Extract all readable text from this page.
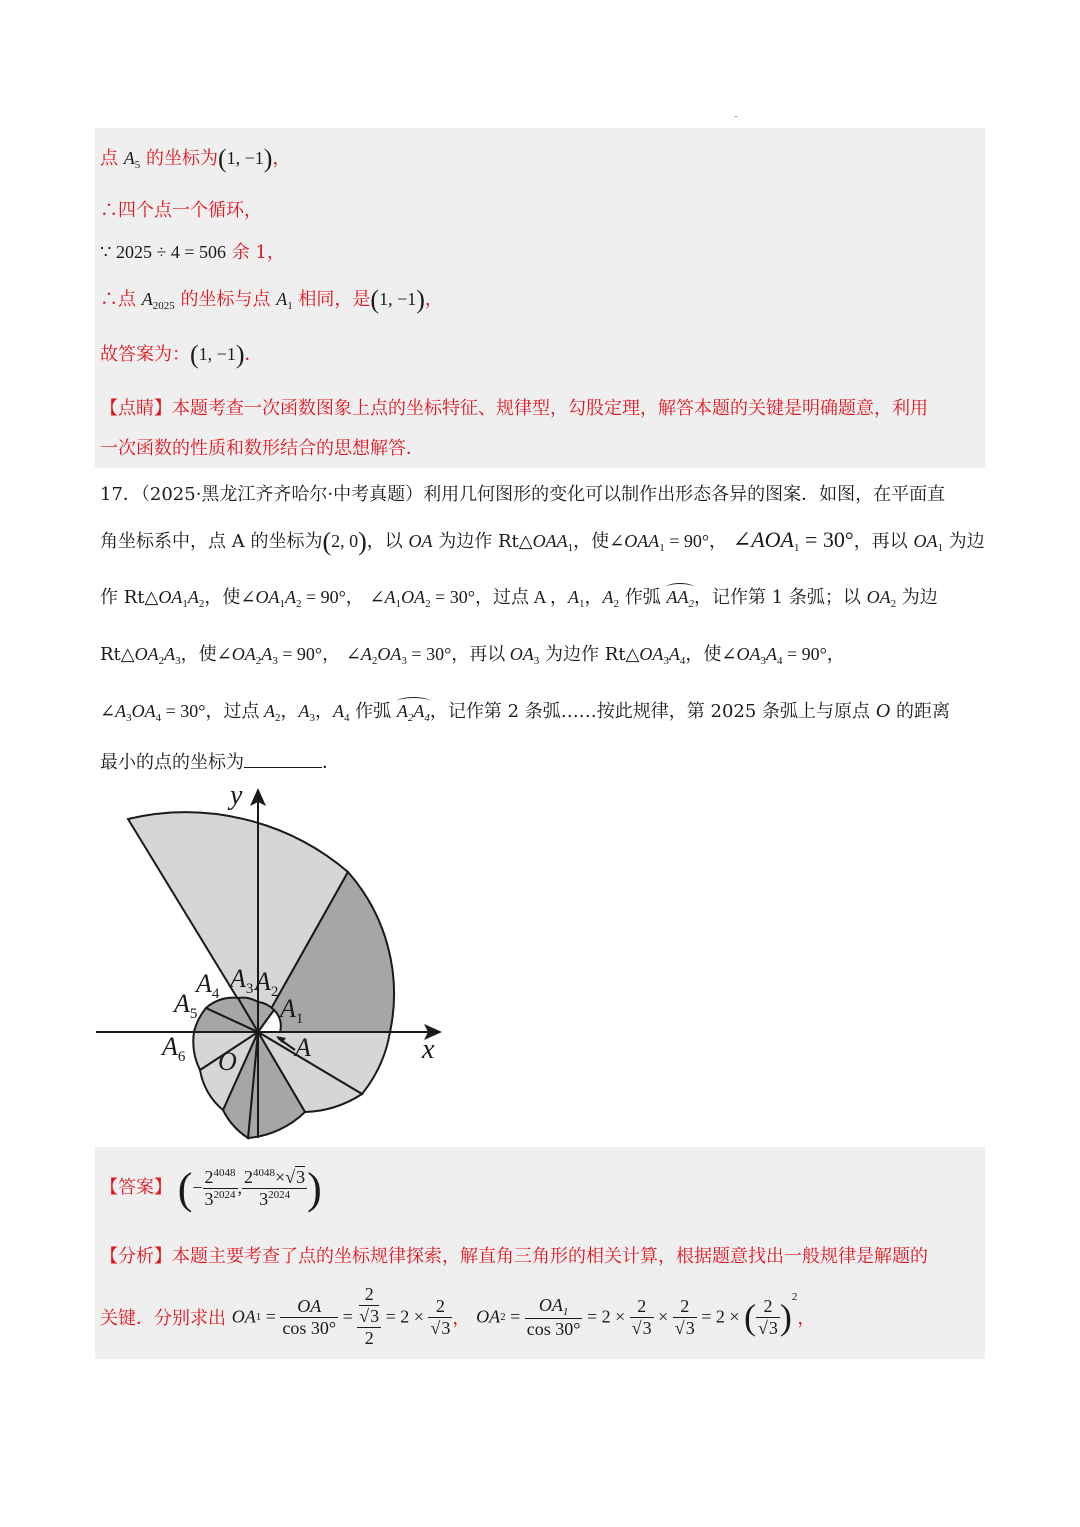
点 $A_5$ 的坐标为(1, −1)，
∴四个点一个循环，
∵ 2025 ÷ 4 = 506 余 1，
∴点 $A_{2025}$ 的坐标与点 $A_1$ 相同，是(1, −1)，
故答案为：(1, −1)．
【点睛】本题考查一次函数图象上点的坐标特征、规律型，勾股定理，解答本题的关键是明确题意，利用
一次函数的性质和数形结合的思想解答．
17．（2025·黑龙江齐齐哈尔·中考真题）利用几何图形的变化可以制作出形态各异的图案．如图，在平面直
角坐标系中，点 A 的坐标为(2, 0)，以 OA 为边作 $Rt\triangle OAA_1$，使$\angle OAA_1 = 90^\circ$， $\angle AOA_1 = 30^\circ$，再以 $OA_1$ 为边
作 $Rt\triangle OA_1A_2$，使$\angle OA_1A_2 = 90^\circ$， $\angle A_1OA_2 = 30^\circ$，过点 A ，$A_1$，$A_2$ 作弧 $AA_2$，记作第 1 条弧；以 $OA_2$ 为边
$Rt\triangle OA_2A_3$，使$\angle OA_2A_3 = 90^\circ$， $\angle A_2OA_3 = 30^\circ$，再以 $OA_3$ 为边作 $Rt\triangle OA_3A_4$，使$\angle OA_3A_4 = 90^\circ$，
$\angle A_3OA_4 = 30^\circ$，过点 $A_2$，$A_3$，$A_4$ 作弧 $A_2A_4$，记作第 2 条弧……按此规律，第 2025 条弧上与原点 O 的距离
最小的点的坐标为	．
y
x
O A
$A_1$
$A_2$
$A_3$
$A_4$
$A_5$
$A_6$
【答案】 (− $\frac{2^{4048}}{3^{2024}}$ , $\frac{2^{4048}\times√3}{3^{2024}}$ )
【分析】本题主要考查了点的坐标规律探索，解直角三角形的相关计算，根据题意找出一般规律是解题的
关键．分别求出 $OA1 = \frac{OA}{\cos 30^\circ} = 2$
√3
$2 = 2 \times \frac{2}{√3}$ ， $OA2 = \frac{OA_1}{\cos 30^\circ} = 2 \times \frac{2}{√3} \times \frac{2}{√3} = 2$ × ( $\frac{2}{√3} )^2$，
